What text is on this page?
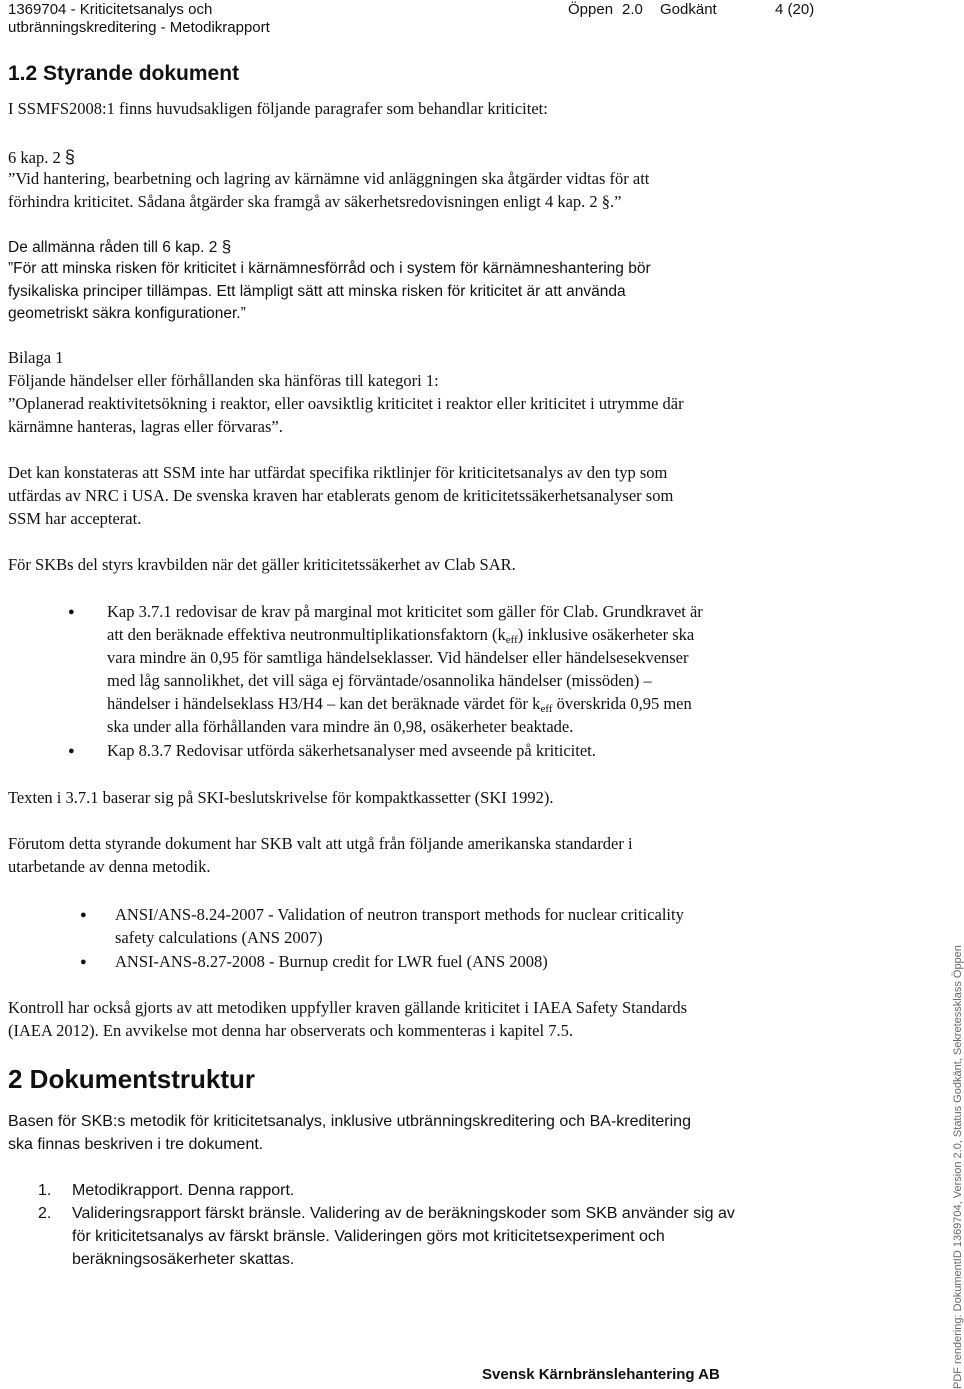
1369704 - Kriticitetsanalys och
utbränningskreditering - Metodikrapport
Öppen 2.0 Godkänt	4 (20)
1.2 Styrande dokument
I SSMFS2008:1 finns huvudsakligen följande paragrafer som behandlar kriticitet:
6 kap. 2 §
”Vid hantering, bearbetning och lagring av kärnämne vid anläggningen ska åtgärder vidtas för att
förhindra kriticitet. Sådana åtgärder ska framgå av säkerhetsredovisningen enligt 4 kap. 2 §.”
De allmänna råden till 6 kap. 2 §
”För att minska risken för kriticitet i kärnämnesförråd och i system för kärnämneshantering bör
fysikaliska principer tillämpas. Ett lämpligt sätt att minska risken för kriticitet är att använda
geometriskt säkra konfigurationer.”
Bilaga 1
Följande händelser eller förhållanden ska hänföras till kategori 1:
”Oplanerad reaktivitetsökning i reaktor, eller oavsiktlig kriticitet i reaktor eller kriticitet i utrymme där
kärnämne hanteras, lagras eller förvaras”.
Det kan konstateras att SSM inte har utfärdat specifika riktlinjer för kriticitetsanalys av den typ som
utfärdas av NRC i USA. De svenska kraven har etablerats genom de kriticitetssäkerhetsanalyser som
SSM har accepterat.
För SKBs del styrs kravbilden när det gäller kriticitetssäkerhet av Clab SAR.
● Kap 3.7.1 redovisar de krav på marginal mot kriticitet som gäller för Clab. Grundkravet är
att den beräknade effektiva neutronmultiplikationsfaktorn $(k_{eff})$ inklusive osäkerheter ska
vara mindre än 0,95 för samtliga händelseklasser. Vid händelser eller händelsesekvenser
med låg sannolikhet, det vill säga ej förväntade/osannolika händelser (missöden) –
händelser i händelseklass H3/H4 – kan det beräknade värdet för $k_{eff}$ överskrida 0,95 men
ska under alla förhållanden vara mindre än 0,98, osäkerheter beaktade.
● Kap 8.3.7 Redovisar utförda säkerhetsanalyser med avseende på kriticitet.
Texten i 3.7.1 baserar sig på SKI-beslutskrivelse för kompaktkassetter (SKI 1992).
Förutom detta styrande dokument har SKB valt att utgå från följande amerikanska standarder i
utarbetande av denna metodik.
● ANSI/ANS-8.24-2007 - Validation of neutron transport methods for nuclear criticality
safety calculations (ANS 2007)
● ANSI-ANS-8.27-2008 - Burnup credit for LWR fuel (ANS 2008)
Kontroll har också gjorts av att metodiken uppfyller kraven gällande kriticitet i IAEA Safety Standards
(IAEA 2012). En avvikelse mot denna har observerats och kommenteras i kapitel 7.5.
2 Dokumentstruktur
Basen för SKB:s metodik för kriticitetsanalys, inklusive utbränningskreditering och BA-kreditering
ska finnas beskriven i tre dokument.
1. Metodikrapport. Denna rapport.
2. Valideringsrapport färskt bränsle. Validering av de beräkningskoder som SKB använder sig av
för kriticitetsanalys av färskt bränsle. Valideringen görs mot kriticitetsexperiment och
beräkningsosäkerheter skattas.
Svensk Kärnbränslehantering AB	PDF rendering: DokumentID 1369704, Version 2.0, Status Godkänt, Sekretessklass Öppen
